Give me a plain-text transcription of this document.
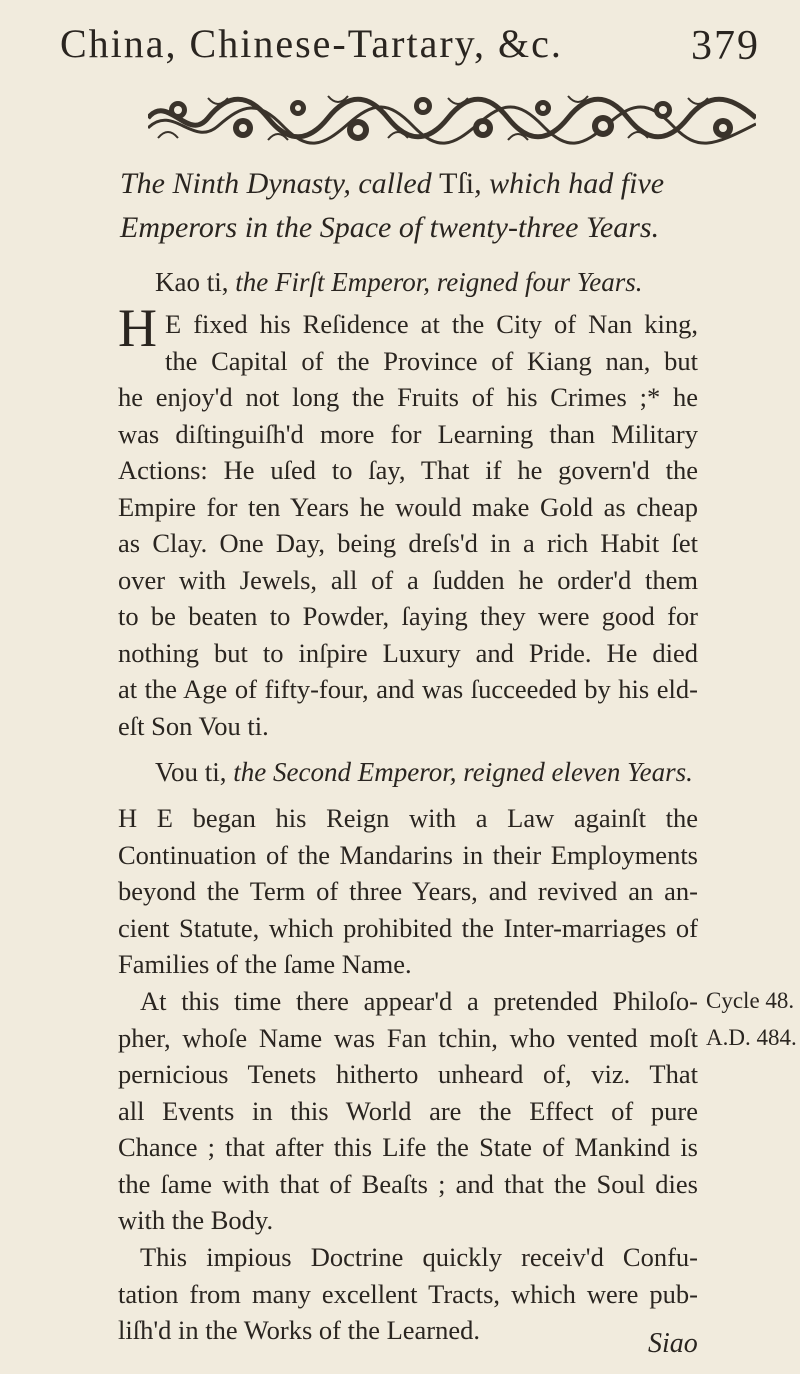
China, Chinese-Tartary, &c.	379
The Ninth Dynasty, called Tſi, which had five Emperors in the Space of twenty-three Years.
Kao ti, the Firſt Emperor, reigned four Years.
H E fixed his Reſidence at the City of Nan king,
the Capital of the Province of Kiang nan, but
he enjoy'd not long the Fruits of his Crimes ;* he
was diſtinguiſh'd more for Learning than Military
Actions: He uſed to ſay, That if he govern'd the
Empire for ten Years he would make Gold as cheap
as Clay. One Day, being dreſs'd in a rich Habit ſet
over with Jewels, all of a ſudden he order'd them
to be beaten to Powder, ſaying they were good for
nothing but to inſpire Luxury and Pride. He died
at the Age of fifty-four, and was ſucceeded by his eld-
eſt Son Vou ti.
Vou ti, the Second Emperor, reigned eleven Years.
H E began his Reign with a Law againſt the
Continuation of the Mandarins in their Employments
beyond the Term of three Years, and revived an an-
cient Statute, which prohibited the Inter-marriages of
Families of the ſame Name.
At this time there appear'd a pretended Philoſo-
pher, whoſe Name was Fan tchin, who vented moſt
pernicious Tenets hitherto unheard of, viz. That
all Events in this World are the Effect of pure
Chance ; that after this Life the State of Mankind is
the ſame with that of Beaſts ; and that the Soul dies
with the Body.
This impious Doctrine quickly receiv'd Confu-
tation from many excellent Tracts, which were pub-
liſh'd in the Works of the Learned.
Cycle 48.
A.D. 484.
Siao
